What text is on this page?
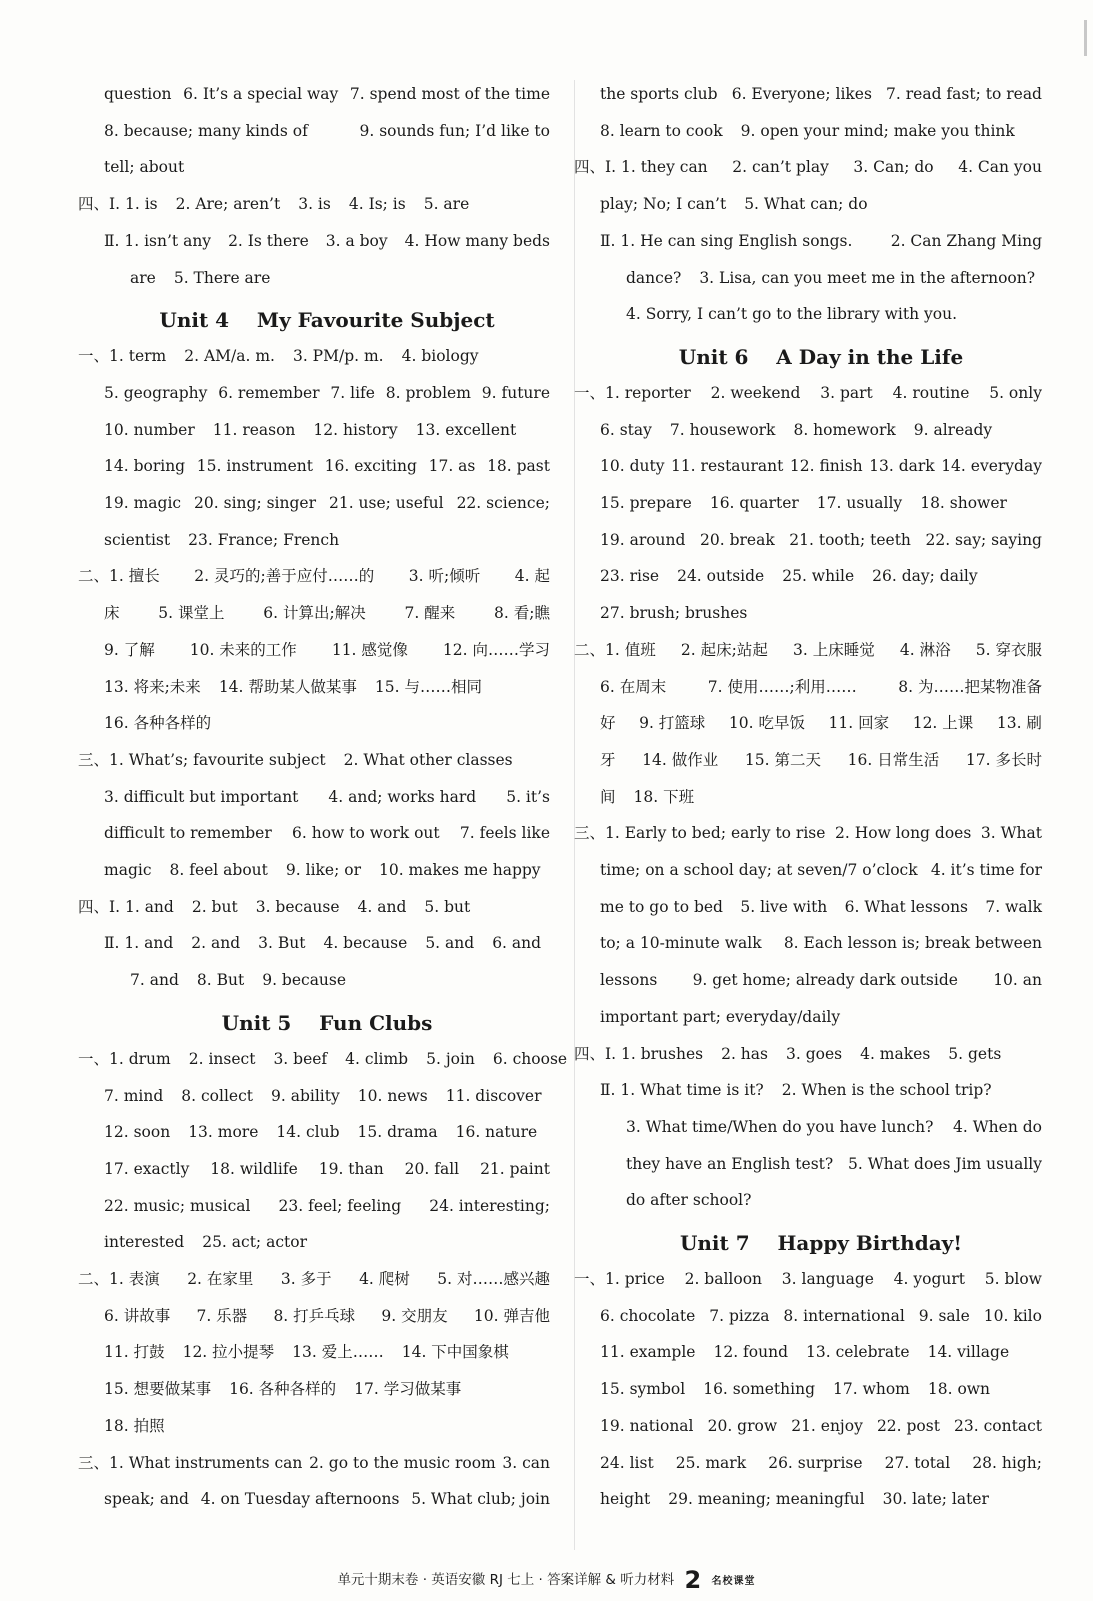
question 6. It’s a special way 7. spend most of the time
8. because; many kinds of	9. sounds fun; I’d like to
tell; about
四、Ⅰ. 1. is 2. Are; aren’t 3. is 4. Is; is 5. are
Ⅱ. 1. isn’t any 2. Is there 3. a boy 4. How many beds
are 5. There are
Unit 4    My Favourite Subject
一、1. term 2. AM/a. m. 3. PM/p. m. 4. biology
5. geography 6. remember 7. life 8. problem 9. future
10. number 11. reason 12. history 13. excellent
14. boring 15. instrument 16. exciting 17. as 18. past
19. magic 20. sing; singer 21. use; useful 22. science;
scientist 23. France; French
二、1. 擅长 2. 灵巧的;善于应付……的 3. 听;倾听 4. 起
床	5. 课堂上	6. 计算出;解决	7. 醒来	8. 看;瞧
9. 了解 10. 未来的工作 11. 感觉像 12. 向……学习
13. 将来;未来 14. 帮助某人做某事 15. 与……相同
16. 各种各样的
三、1. What’s; favourite subject 2. What other classes
3. difficult but important 4. and; works hard 5. it’s
difficult to remember 6. how to work out 7. feels like
magic 8. feel about 9. like; or 10. makes me happy
四、Ⅰ. 1. and 2. but 3. because 4. and 5. but
Ⅱ. 1. and 2. and 3. But 4. because 5. and 6. and
7. and 8. But 9. because
Unit 5    Fun Clubs
一、1. drum 2. insect 3. beef 4. climb 5. join 6. choose
7. mind 8. collect 9. ability 10. news 11. discover
12. soon 13. more 14. club 15. drama 16. nature
17. exactly 18. wildlife 19. than 20. fall 21. paint
22. music; musical 23. feel; feeling 24. interesting;
interested 25. act; actor
二、1. 表演 2. 在家里 3. 多于 4. 爬树 5. 对……感兴趣
6. 讲故事 7. 乐器 8. 打乒乓球 9. 交朋友 10. 弹吉他
11. 打鼓 12. 拉小提琴 13. 爱上…… 14. 下中国象棋
15. 想要做某事 16. 各种各样的 17. 学习做某事
18. 拍照
三、1. What instruments can 2. go to the music room 3. can
speak; and 4. on Tuesday afternoons 5. What club; join
the sports club 6. Everyone; likes 7. read fast; to read
8. learn to cook 9. open your mind; make you think
四、Ⅰ. 1. they can 2. can’t play 3. Can; do 4. Can you
play; No; I can’t 5. What can; do
Ⅱ. 1. He can sing English songs. 2. Can Zhang Ming
dance? 3. Lisa, can you meet me in the afternoon?
4. Sorry, I can’t go to the library with you.
Unit 6    A Day in the Life
一、1. reporter 2. weekend 3. part 4. routine 5. only
6. stay 7. housework 8. homework 9. already
10. duty 11. restaurant 12. finish 13. dark 14. everyday
15. prepare 16. quarter 17. usually 18. shower
19. around 20. break 21. tooth; teeth 22. say; saying
23. rise 24. outside 25. while 26. day; daily
27. brush; brushes
二、1. 值班 2. 起床;站起 3. 上床睡觉 4. 淋浴 5. 穿衣服
6. 在周末	7. 使用……;利用……	8. 为……把某物准备
好 9. 打篮球 10. 吃早饭 11. 回家 12. 上课 13. 刷
牙 14. 做作业 15. 第二天 16. 日常生活 17. 多长时
间 18. 下班
三、1. Early to bed; early to rise 2. How long does 3. What
time; on a school day; at seven/7 o’clock 4. it’s time for
me to go to bed 5. live with 6. What lessons 7. walk
to; a 10-minute walk 8. Each lesson is; break between
lessons 9. get home; already dark outside 10. an
important part; everyday/daily
四、Ⅰ. 1. brushes 2. has 3. goes 4. makes 5. gets
Ⅱ. 1. What time is it? 2. When is the school trip?
3. What time/When do you have lunch? 4. When do
they have an English test? 5. What does Jim usually
do after school?
Unit 7    Happy Birthday!
一、1. price 2. balloon 3. language 4. yogurt 5. blow
6. chocolate 7. pizza 8. international 9. sale 10. kilo
11. example 12. found 13. celebrate 14. village
15. symbol 16. something 17. whom 18. own
19. national 20. grow 21. enjoy 22. post 23. contact
24. list 25. mark 26. surprise 27. total 28. high;
height 29. meaning; meaningful 30. late; later
单元十期末卷 · 英语安徽 RJ 七上 · 答案详解 & 听力材料 2 名校课堂
